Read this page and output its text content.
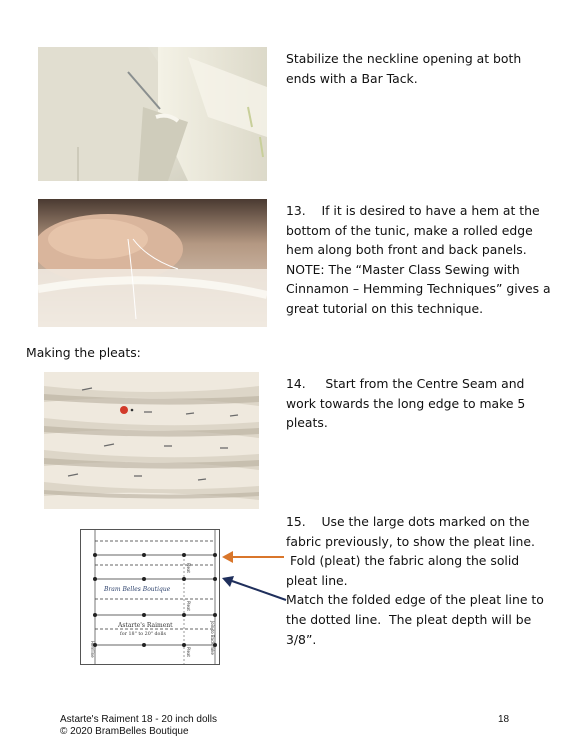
Stabilize the neckline opening at both

ends with a Bar Tack.

13.    If it is desired to have a hem at the

bottom of the tunic, make a rolled edge

hem along both front and back panels.

NOTE: The “Master Class Sewing with

Cinnamon – Hemming Techniques” gives a

great tutorial on this technique.

Making the pleats:

14.     Start from the Centre Seam and

work towards the long edge to make 5

pleats.

Bram Belles Boutique
Astarte's Raiment
for 18" to 20" dolls
Pleat
Pleat
Pleat	Join to Back Yoke
Hemline

15.    Use the large dots marked on the

fabric previously, to show the pleat line.

Fold (pleat) the fabric along the solid

pleat line.

Match the folded edge of the pleat line to

the dotted line.  The pleat depth will be

3/8”.

Astarte's Raiment 18 - 20 inch dolls
© 2020 BramBelles Boutique
18
